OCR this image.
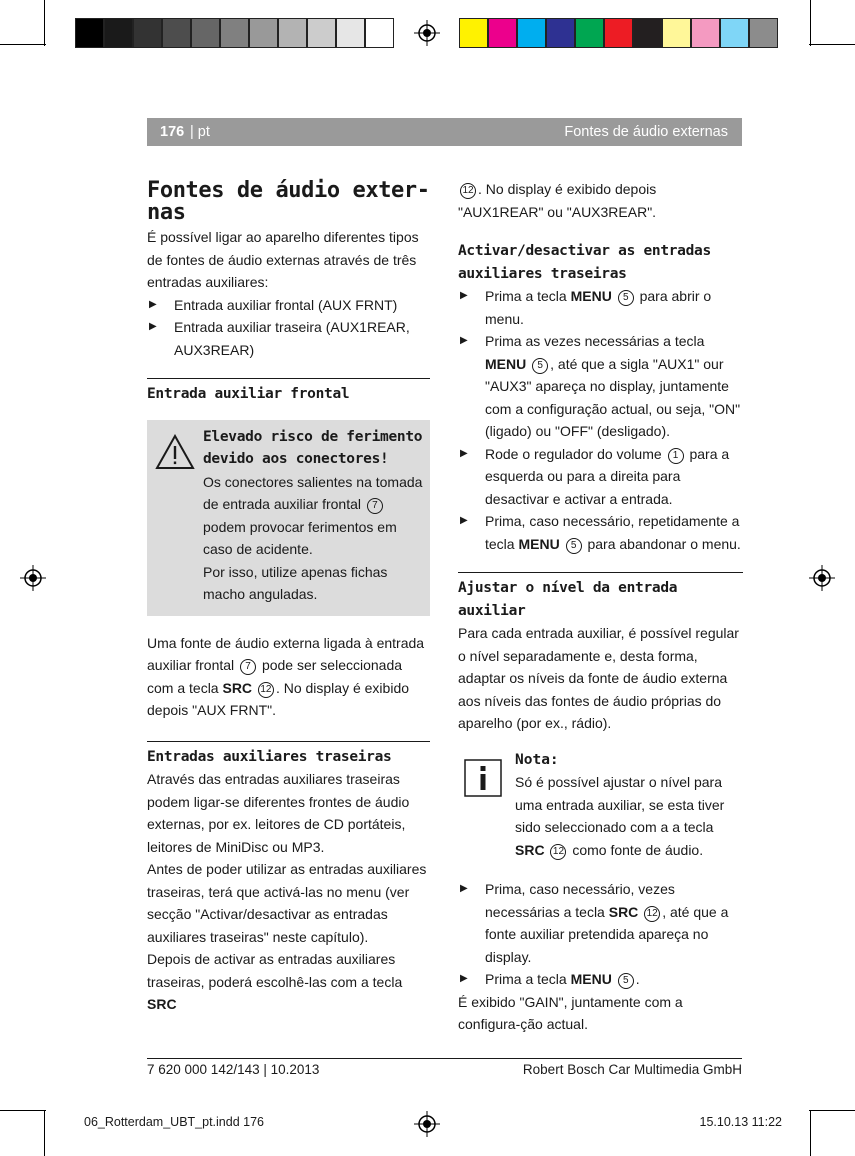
176 | pt	Fontes de áudio externas
Fontes de áudio exter-nas

É possível ligar ao aparelho diferentes tipos de fontes de áudio externas através de três entradas auxiliares:

▶ Entrada auxiliar frontal (AUX FRNT)
▶ Entrada auxiliar traseira (AUX1REAR, AUX3REAR)
Entrada auxiliar frontal
Elevado risco de ferimento devido aos conectores!

Os conectores salientes na tomada de entrada auxiliar frontal 7 podem provocar ferimentos em caso de acidente.

Por isso, utilize apenas fichas macho anguladas.

Uma fonte de áudio externa ligada à entrada auxiliar frontal 7 pode ser seleccionada com a tecla SRC 12 . No display é exibido depois "AUX FRNT".

Entradas auxiliares traseiras

Através das entradas auxiliares traseiras podem ligar-se diferentes frontes de áudio externas, por ex. leitores de CD portáteis, leitores de MiniDisc ou MP3.

Antes de poder utilizar as entradas auxiliares traseiras, terá que activá-las no menu (ver secção "Activar/desactivar as entradas auxiliares traseiras" neste capítulo).

Depois de activar as entradas auxiliares traseiras, poderá escolhê-las com a tecla SRC

12 . No display é exibido depois "AUX1REAR" ou "AUX3REAR".

Activar/desactivar as entradas auxiliares traseiras
▶ Prima a tecla MENU 5 para abrir o menu.
▶ Prima as vezes necessárias a tecla MENU 5 , até que a sigla "AUX1" our "AUX3" apareça no display, juntamente com a configuração actual, ou seja, "ON" (ligado) ou "OFF" (desligado).
▶ Rode o regulador do volume 1 para a esquerda ou para a direita para desactivar e activar a entrada.
▶ Prima, caso necessário, repetidamente a tecla MENU 5 para abandonar o menu.
Ajustar o nível da entrada auxiliar

Para cada entrada auxiliar, é possível regular o nível separadamente e, desta forma, adaptar os níveis da fonte de áudio externa aos níveis das fontes de áudio próprias do aparelho (por ex., rádio).

Nota:

Só é possível ajustar o nível para uma entrada auxiliar, se esta tiver sido seleccionado com a a tecla SRC 12 como fonte de áudio.

▶ Prima, caso necessário, vezes necessárias a tecla SRC 12 , até que a fonte auxiliar pretendida apareça no display.
▶ Prima a tecla MENU 5 .

É exibido "GAIN", juntamente com a configura-ção actual.

7 620 000 142/143 | 10.2013	Robert Bosch Car Multimedia GmbH
06_Rotterdam_UBT_pt.indd 176	15.10.13 11:22
